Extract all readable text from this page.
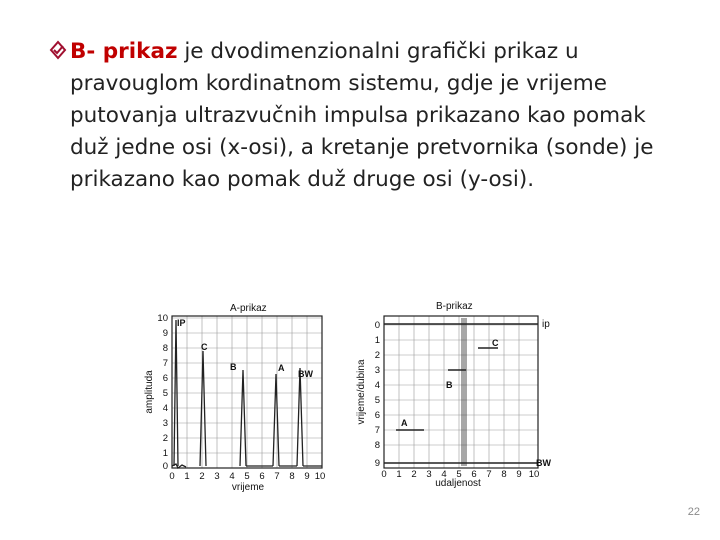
B- prikaz je dvodimenzionalni grafički prikaz u pravouglom kordinatnom sistemu, gdje je vrijeme putovanja ultrazvučnih impulsa prikazano kao pomak duž jedne osi (x-osi), a kretanje pretvornika (sonde) je prikazano kao pomak duž druge osi (y-osi).

A-prikaz
amplituda
vrijeme
10
9
8
7
6
5
4
3
2
1
0
0 1 2 3 4 5 6 7 8 9 10
IP
C
B	A
BW
B-prikaz
vrijeme/dubina
udaljenost
0
1
2
3
4
5
6
7
8
9
0 1 2 3 4 5 6 7 8 9 10
ip
C
B
A
BW
22
